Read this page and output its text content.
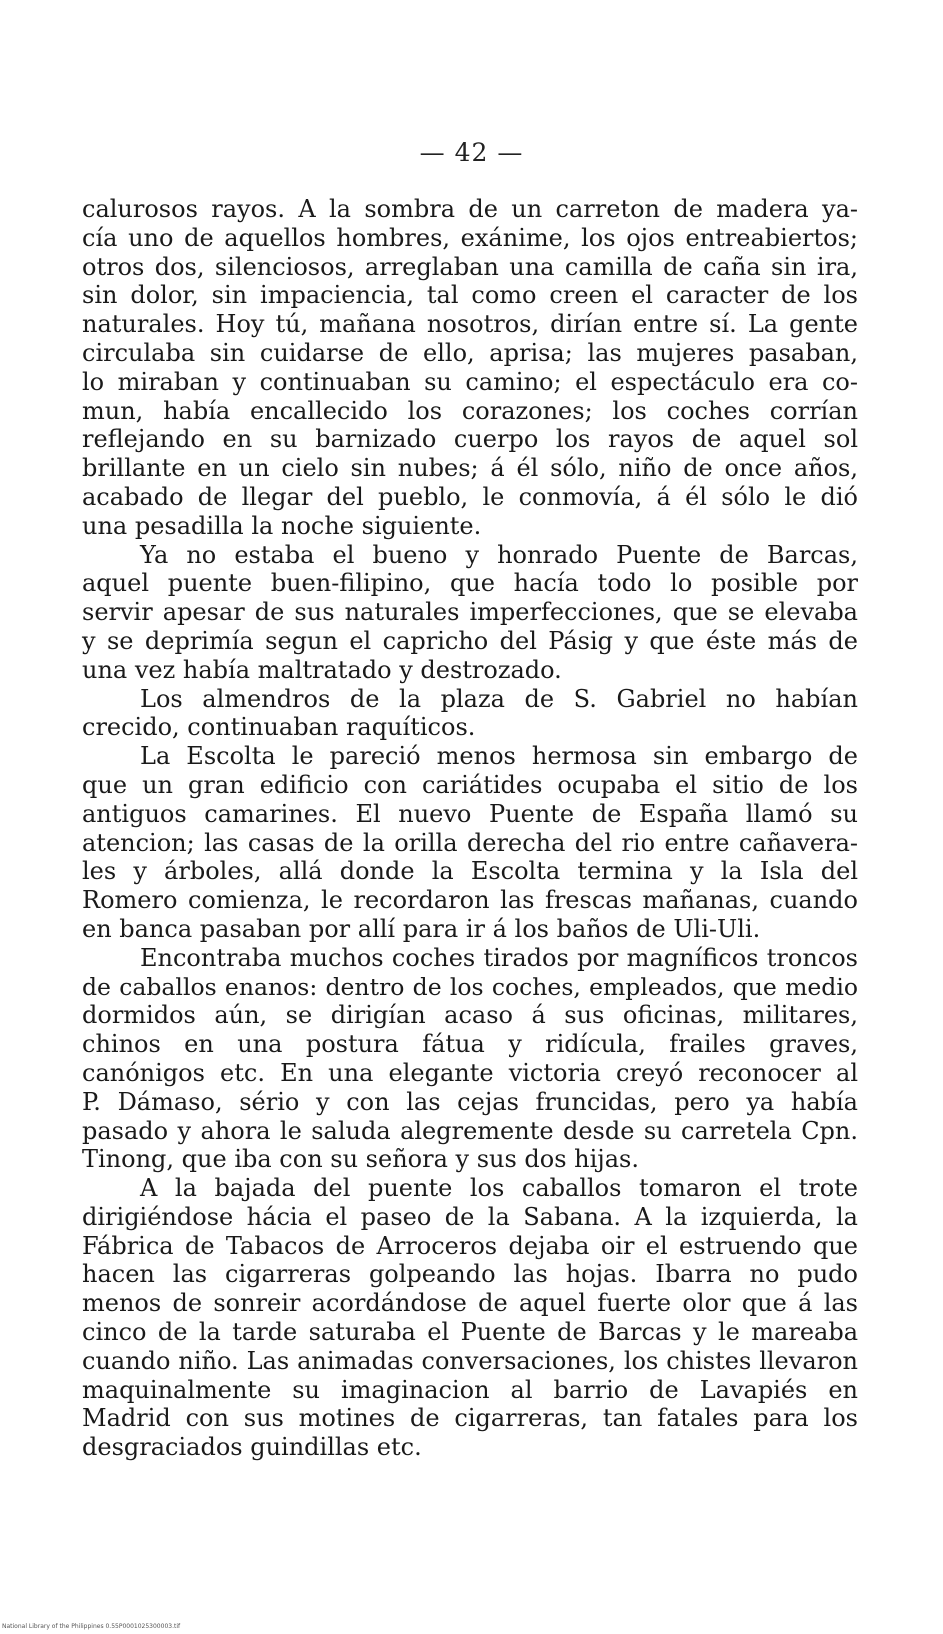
— 42 —
calurosos rayos. A la sombra de un carreton de madera ya-
cía uno de aquellos hombres, exánime, los ojos entreabiertos;
otros dos, silenciosos, arreglaban una camilla de caña sin ira,
sin dolor, sin impaciencia, tal como creen el caracter de los
naturales. Hoy tú, mañana nosotros, dirían entre sí. La gente
circulaba sin cuidarse de ello, aprisa; las mujeres pasaban,
lo miraban y continuaban su camino; el espectáculo era co-
mun, había encallecido los corazones; los coches corrían
reflejando en su barnizado cuerpo los rayos de aquel sol
brillante en un cielo sin nubes; á él sólo, niño de once años,
acabado de llegar del pueblo, le conmovía, á él sólo le dió
una pesadilla la noche siguiente.
Ya no estaba el bueno y honrado Puente de Barcas,
aquel puente buen-filipino, que hacía todo lo posible por
servir apesar de sus naturales imperfecciones, que se elevaba
y se deprimía segun el capricho del Pásig y que éste más de
una vez había maltratado y destrozado.
Los almendros de la plaza de S. Gabriel no habían
crecido, continuaban raquíticos.
La Escolta le pareció menos hermosa sin embargo de
que un gran edificio con cariátides ocupaba el sitio de los
antiguos camarines. El nuevo Puente de España llamó su
atencion; las casas de la orilla derecha del rio entre cañavera-
les y árboles, allá donde la Escolta termina y la Isla del
Romero comienza, le recordaron las frescas mañanas, cuando
en banca pasaban por allí para ir á los baños de Uli-Uli.
Encontraba muchos coches tirados por magníficos troncos
de caballos enanos: dentro de los coches, empleados, que medio
dormidos aún, se dirigían acaso á sus oficinas, militares,
chinos en una postura fátua y ridícula, frailes graves,
canónigos etc. En una elegante victoria creyó reconocer al
P. Dámaso, sério y con las cejas fruncidas, pero ya había
pasado y ahora le saluda alegremente desde su carretela Cpn.
Tinong, que iba con su señora y sus dos hijas.
A la bajada del puente los caballos tomaron el trote
dirigiéndose hácia el paseo de la Sabana. A la izquierda, la
Fábrica de Tabacos de Arroceros dejaba oir el estruendo que
hacen las cigarreras golpeando las hojas. Ibarra no pudo
menos de sonreir acordándose de aquel fuerte olor que á las
cinco de la tarde saturaba el Puente de Barcas y le mareaba
cuando niño. Las animadas conversaciones, los chistes llevaron
maquinalmente su imaginacion al barrio de Lavapiés en
Madrid con sus motines de cigarreras, tan fatales para los
desgraciados guindillas etc.
National Library of the Philippines 0.55P0001025300003.tif
